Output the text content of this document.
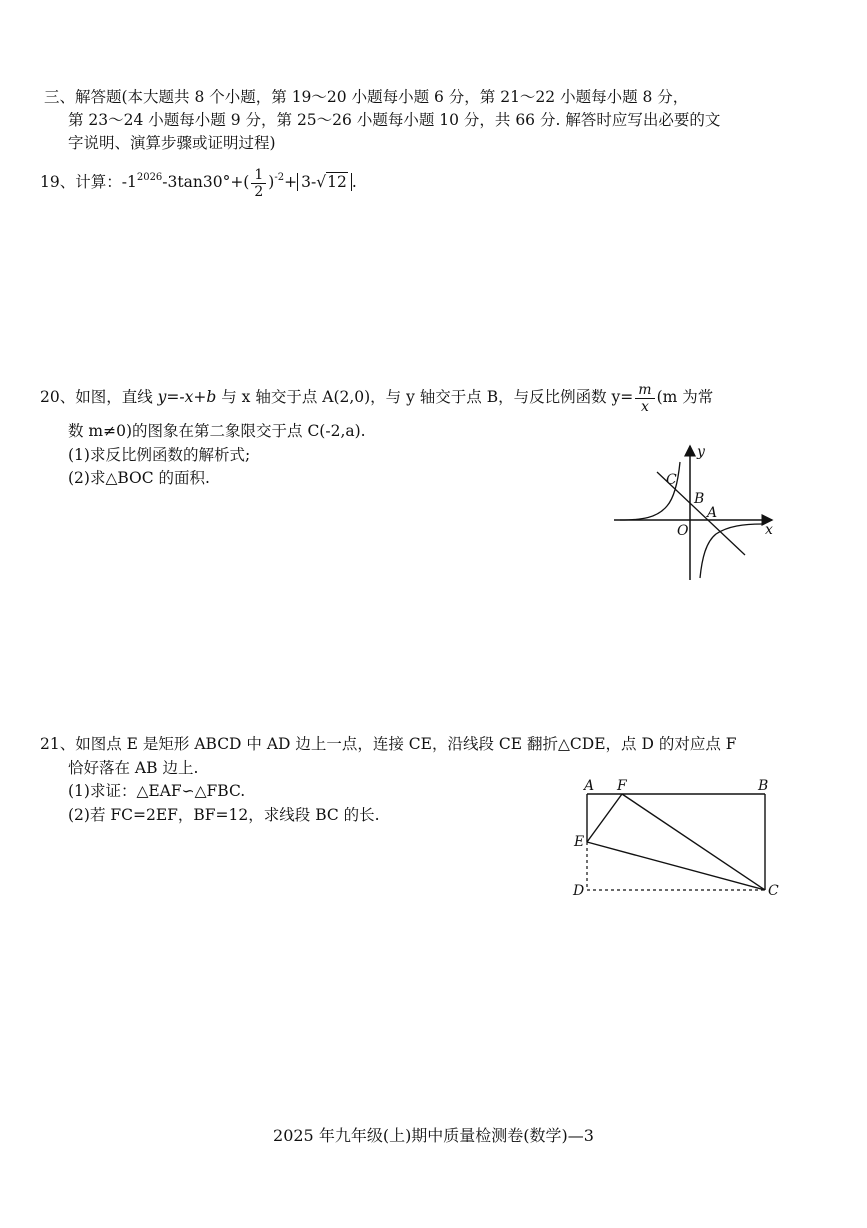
三、解答题(本大题共 8 个小题，第 19～20 小题每小题 6 分，第 21～22 小题每小题 8 分，
第 23～24 小题每小题 9 分，第 25～26 小题每小题 10 分，共 66 分. 解答时应写出必要的文
字说明、演算步骤或证明过程)
19、计算：$-1^{2026}-3\tan 30^\circ+( \frac{1}{2} )^{-2}+ 3-√12$ .
20、如图，直线 y=-x+b 与 x 轴交于点 A(2,0)，与 y 轴交于点 B，与反比例函数 $y= \frac{m}{x} (m$ 为常
数 m≠0)的图象在第二象限交于点 C(-2,a).
(1)求反比例函数的解析式;
(2)求△BOC 的面积.
y
x
C
B
A
O
21、如图点 E 是矩形 ABCD 中 AD 边上一点，连接 CE，沿线段 CE 翻折△CDE，点 D 的对应点 F
恰好落在 AB 边上.
(1)求证：△EAF∽△FBC.
(2)若 FC=2EF，BF=12，求线段 BC 的长.
A F	B
E
D	C
2025 年九年级(上)期中质量检测卷(数学)—3
